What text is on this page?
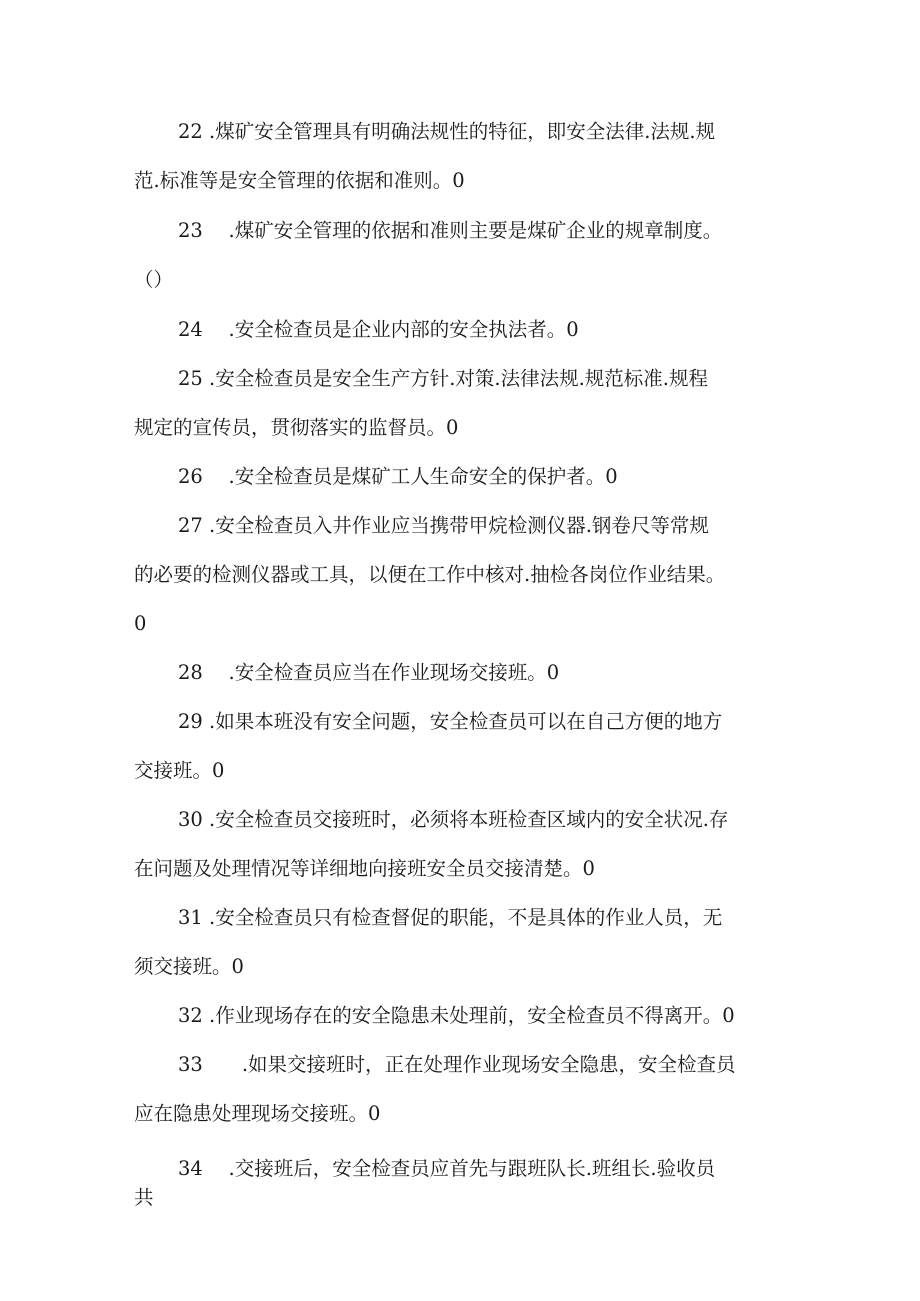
22 .煤矿安全管理具有明确法规性的特征，即安全法律.法规.规
范.标准等是安全管理的依据和准则。0
23　 .煤矿安全管理的依据和准则主要是煤矿企业的规章制度。
（）
24　 .安全检查员是企业内部的安全执法者。0
25 .安全检查员是安全生产方针.对策.法律法规.规范标准.规程
规定的宣传员，贯彻落实的监督员。0
26　 .安全检查员是煤矿工人生命安全的保护者。0
27 .安全检查员入井作业应当携带甲烷检测仪器.钢卷尺等常规
的必要的检测仪器或工具，以便在工作中核对.抽检各岗位作业结果。
0
28　 .安全检查员应当在作业现场交接班。0
29 .如果本班没有安全问题，安全检查员可以在自己方便的地方
交接班。0
30 .安全检查员交接班时，必须将本班检查区域内的安全状况.存
在问题及处理情况等详细地向接班安全员交接清楚。0
31 .安全检查员只有检查督促的职能，不是具体的作业人员，无
须交接班。0
32 .作业现场存在的安全隐患未处理前，安全检查员不得离开。0
33　　.如果交接班时，正在处理作业现场安全隐患，安全检查员
应在隐患处理现场交接班。0
34　 .交接班后，安全检查员应首先与跟班队长.班组长.验收员
共
